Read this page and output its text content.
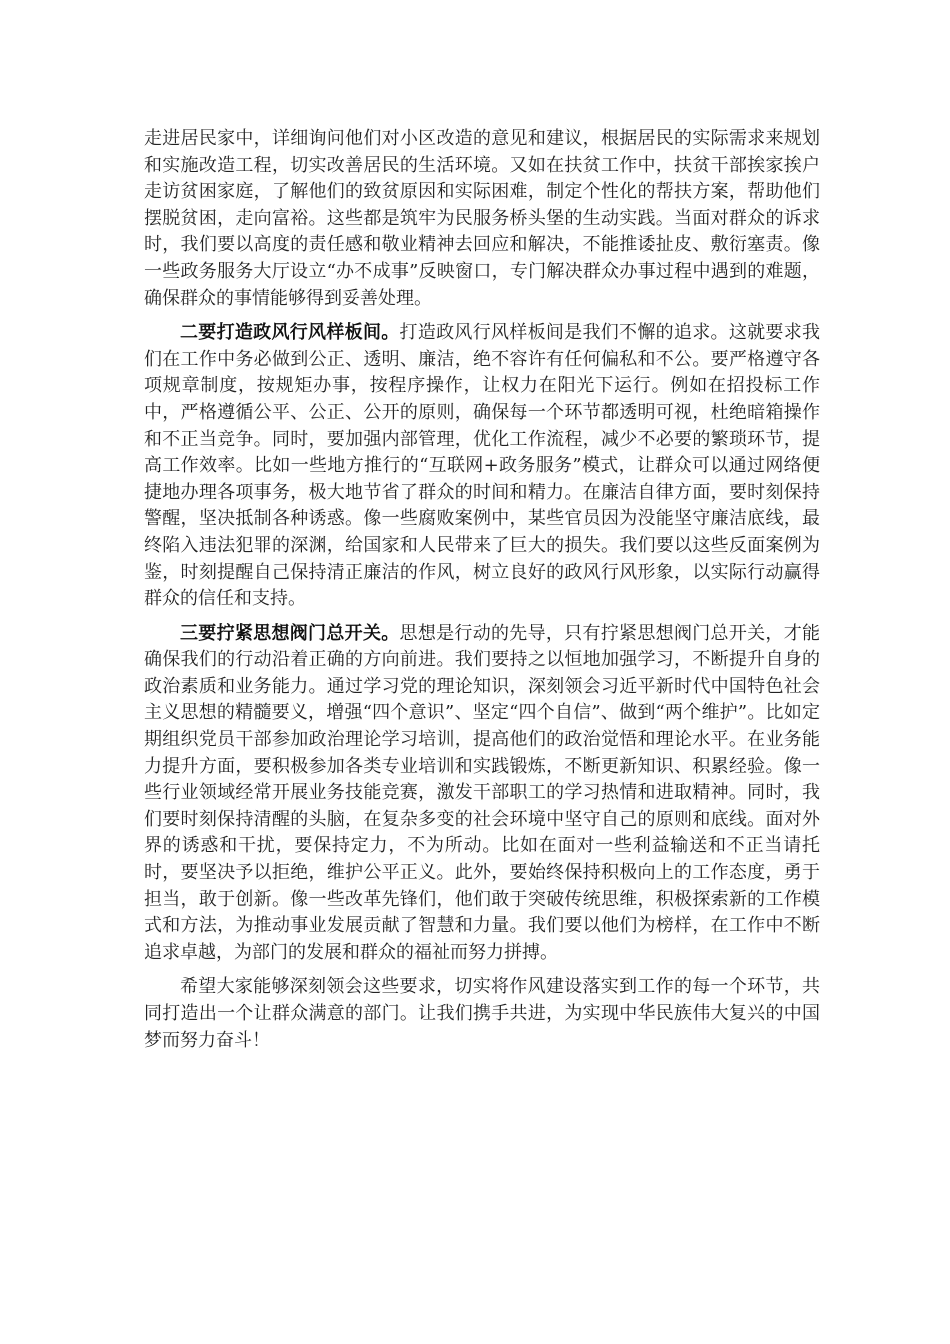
走进居民家中，详细询问他们对小区改造的意见和建议，根据居民的实际需求来规划和实施改造工程，切实改善居民的生活环境。又如在扶贫工作中，扶贫干部挨家挨户走访贫困家庭，了解他们的致贫原因和实际困难，制定个性化的帮扶方案，帮助他们摆脱贫困，走向富裕。这些都是筑牢为民服务桥头堡的生动实践。当面对群众的诉求时，我们要以高度的责任感和敬业精神去回应和解决，不能推诿扯皮、敷衍塞责。像一些政务服务大厅设立“办不成事”反映窗口，专门解决群众办事过程中遇到的难题，确保群众的事情能够得到妥善处理。

二要打造政风行风样板间。打造政风行风样板间是我们不懈的追求。这就要求我们在工作中务必做到公正、透明、廉洁，绝不容许有任何偏私和不公。要严格遵守各项规章制度，按规矩办事，按程序操作，让权力在阳光下运行。例如在招投标工作中，严格遵循公平、公正、公开的原则，确保每一个环节都透明可视，杜绝暗箱操作和不正当竞争。同时，要加强内部管理，优化工作流程，减少不必要的繁琐环节，提高工作效率。比如一些地方推行的“互联网+政务服务”模式，让群众可以通过网络便捷地办理各项事务，极大地节省了群众的时间和精力。在廉洁自律方面，要时刻保持警醒，坚决抵制各种诱惑。像一些腐败案例中，某些官员因为没能坚守廉洁底线，最终陷入违法犯罪的深渊，给国家和人民带来了巨大的损失。我们要以这些反面案例为鉴，时刻提醒自己保持清正廉洁的作风，树立良好的政风行风形象，以实际行动赢得群众的信任和支持。

三要拧紧思想阀门总开关。思想是行动的先导，只有拧紧思想阀门总开关，才能确保我们的行动沿着正确的方向前进。我们要持之以恒地加强学习，不断提升自身的政治素质和业务能力。通过学习党的理论知识，深刻领会习近平新时代中国特色社会主义思想的精髓要义，增强“四个意识”、坚定“四个自信”、做到“两个维护”。比如定期组织党员干部参加政治理论学习培训，提高他们的政治觉悟和理论水平。在业务能力提升方面，要积极参加各类专业培训和实践锻炼，不断更新知识、积累经验。像一些行业领域经常开展业务技能竞赛，激发干部职工的学习热情和进取精神。同时，我们要时刻保持清醒的头脑，在复杂多变的社会环境中坚守自己的原则和底线。面对外界的诱惑和干扰，要保持定力，不为所动。比如在面对一些利益输送和不正当请托时，要坚决予以拒绝，维护公平正义。此外，要始终保持积极向上的工作态度，勇于担当，敢于创新。像一些改革先锋们，他们敢于突破传统思维，积极探索新的工作模式和方法，为推动事业发展贡献了智慧和力量。我们要以他们为榜样，在工作中不断追求卓越，为部门的发展和群众的福祉而努力拼搏。

希望大家能够深刻领会这些要求，切实将作风建设落实到工作的每一个环节，共同打造出一个让群众满意的部门。让我们携手共进，为实现中华民族伟大复兴的中国梦而努力奋斗！
